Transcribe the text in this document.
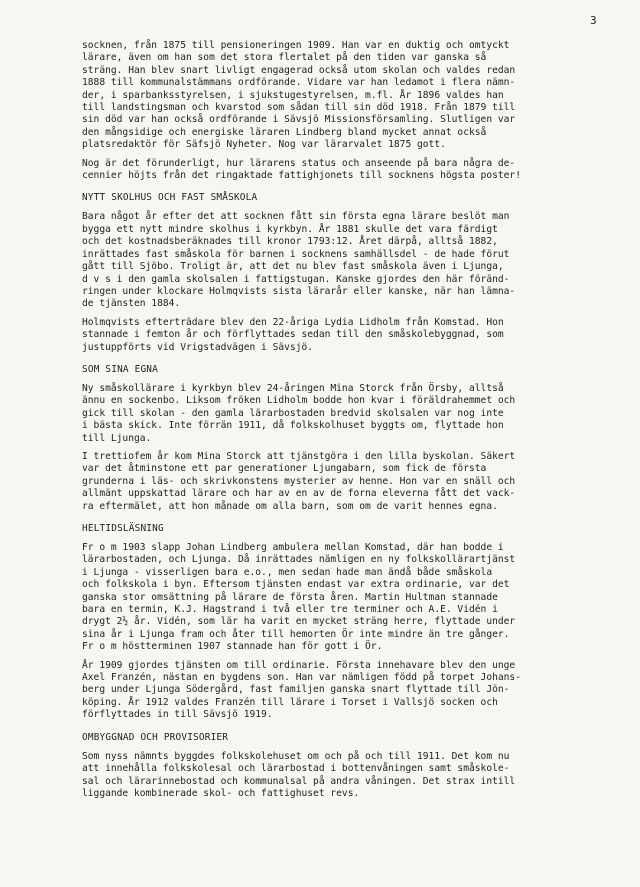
3
socknen, från 1875 till pensioneringen 1909. Han var en duktig och omtyckt
lärare, även om han som det stora flertalet på den tiden var ganska så
sträng. Han blev snart livligt engagerad också utom skolan och valdes redan
1888 till kommunalstämmans ordförande. Vidare var han ledamot i flera nämn-
der, i sparbanksstyrelsen, i sjukstugestyrelsen, m.fl. År 1896 valdes han
till landstingsman och kvarstod som sådan till sin död 1918. Från 1879 till
sin död var han också ordförande i Sävsjö Missionsförsamling. Slutligen var
den mångsidige och energiske läraren Lindberg bland mycket annat också
platsredaktör för Säfsjö Nyheter. Nog var lärarvalet 1875 gott.
Nog är det förunderligt, hur lärarens status och anseende på bara några de-
cennier höjts från det ringaktade fattighjonets till socknens högsta poster!
NYTT SKOLHUS OCH FAST SMÅSKOLA
Bara något år efter det att socknen fått sin första egna lärare beslöt man
bygga ett nytt mindre skolhus i kyrkbyn. År 1881 skulle det vara färdigt
och det kostnadsberäknades till kronor 1793:12. Året därpå, alltså 1882,
inrättades fast småskola för barnen i socknens samhällsdel - de hade förut
gått till Sjöbo. Troligt är, att det nu blev fast småskola även i Ljunga,
d v s i den gamla skolsalen i fattigstugan. Kanske gjordes den här föränd-
ringen under klockare Holmqvists sista lärarår eller kanske, när han lämna-
de tjänsten 1884.
Holmqvists efterträdare blev den 22-åriga Lydia Lidholm från Komstad. Hon
stannade i femton år och förflyttades sedan till den småskolebyggnad, som
justuppförts vid Vrigstadvägen i Sävsjö.
SOM SINA EGNA
Ny småskollärare i kyrkbyn blev 24-åringen Mina Storck från Örsby, alltså
ännu en sockenbo. Liksom fröken Lidholm bodde hon kvar i föräldrahemmet och
gick till skolan - den gamla lärarbostaden bredvid skolsalen var nog inte
i bästa skick. Inte förrän 1911, då folkskolhuset byggts om, flyttade hon
till Ljunga.
I trettiofem år kom Mina Storck att tjänstgöra i den lilla byskolan. Säkert
var det åtminstone ett par generationer Ljungabarn, som fick de första
grunderna i läs- och skrivkonstens mysterier av henne. Hon var en snäll och
allmänt uppskattad lärare och har av en av de forna eleverna fått det vack-
ra eftermälet, att hon månade om alla barn, som om de varit hennes egna.
HELTIDSLÄSNING
Fr o m 1903 slapp Johan Lindberg ambulera mellan Komstad, där han bodde i
lärarbostaden, och Ljunga. Då inrättades nämligen en ny folkskollärartjänst
i Ljunga - visserligen bara e.o., men sedan hade man ändå både småskola
och folkskola i byn. Eftersom tjänsten endast var extra ordinarie, var det
ganska stor omsättning på lärare de första åren. Martin Hultman stannade
bara en termin, K.J. Hagstrand i två eller tre terminer och A.E. Vidén i
drygt 2½ år. Vidén, som lär ha varit en mycket sträng herre, flyttade under
sina år i Ljunga fram och åter till hemorten Ör inte mindre än tre gånger.
Fr o m höstterminen 1907 stannade han för gott i Ör.
År 1909 gjordes tjänsten om till ordinarie. Första innehavare blev den unge
Axel Franzén, nästan en bygdens son. Han var nämligen född på torpet Johans-
berg under Ljunga Södergård, fast familjen ganska snart flyttade till Jön-
köping. År 1912 valdes Franzén till lärare i Torset i Vallsjö socken och
förflyttades in till Sävsjö 1919.
OMBYGGNAD OCH PROVISORIER
Som nyss nämnts byggdes folkskolehuset om och på och till 1911. Det kom nu
att innehålla folkskolesal och lärarbostad i bottenvåningen samt småskole-
sal och lärarinnebostad och kommunalsal på andra våningen. Det strax intill
liggande kombinerade skol- och fattighuset revs.
